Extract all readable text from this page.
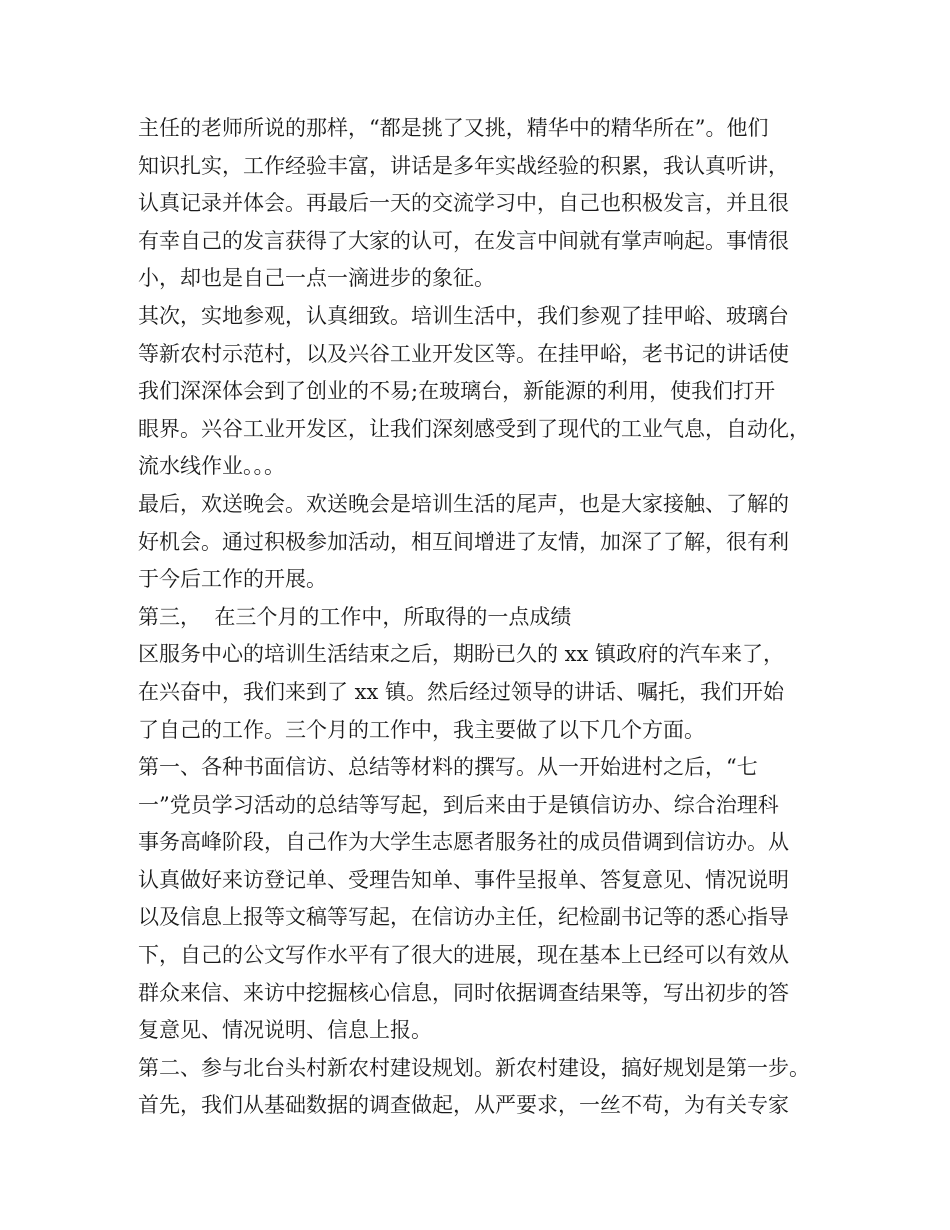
主任的老师所说的那样，“都是挑了又挑，精华中的精华所在”。他们
知识扎实，工作经验丰富，讲话是多年实战经验的积累，我认真听讲，
认真记录并体会。再最后一天的交流学习中，自己也积极发言，并且很
有幸自己的发言获得了大家的认可，在发言中间就有掌声响起。事情很
小，却也是自己一点一滴进步的象征。
其次，实地参观，认真细致。培训生活中，我们参观了挂甲峪、玻璃台
等新农村示范村，以及兴谷工业开发区等。在挂甲峪，老书记的讲话使
我们深深体会到了创业的不易;在玻璃台，新能源的利用，使我们打开
眼界。兴谷工业开发区，让我们深刻感受到了现代的工业气息，自动化，
流水线作业。。。
最后，欢送晚会。欢送晚会是培训生活的尾声，也是大家接触、了解的
好机会。通过积极参加活动，相互间增进了友情，加深了了解，很有利
于今后工作的开展。
第三，  在三个月的工作中，所取得的一点成绩
区服务中心的培训生活结束之后，期盼已久的 xx 镇政府的汽车来了，
在兴奋中，我们来到了 xx 镇。然后经过领导的讲话、嘱托，我们开始
了自己的工作。三个月的工作中，我主要做了以下几个方面。
第一、各种书面信访、总结等材料的撰写。从一开始进村之后，“七
一”党员学习活动的总结等写起，到后来由于是镇信访办、综合治理科
事务高峰阶段，自己作为大学生志愿者服务社的成员借调到信访办。从
认真做好来访登记单、受理告知单、事件呈报单、答复意见、情况说明
以及信息上报等文稿等写起，在信访办主任，纪检副书记等的悉心指导
下，自己的公文写作水平有了很大的进展，现在基本上已经可以有效从
群众来信、来访中挖掘核心信息，同时依据调查结果等，写出初步的答
复意见、情况说明、信息上报。
第二、参与北台头村新农村建设规划。新农村建设，搞好规划是第一步。
首先，我们从基础数据的调查做起，从严要求，一丝不苟，为有关专家
